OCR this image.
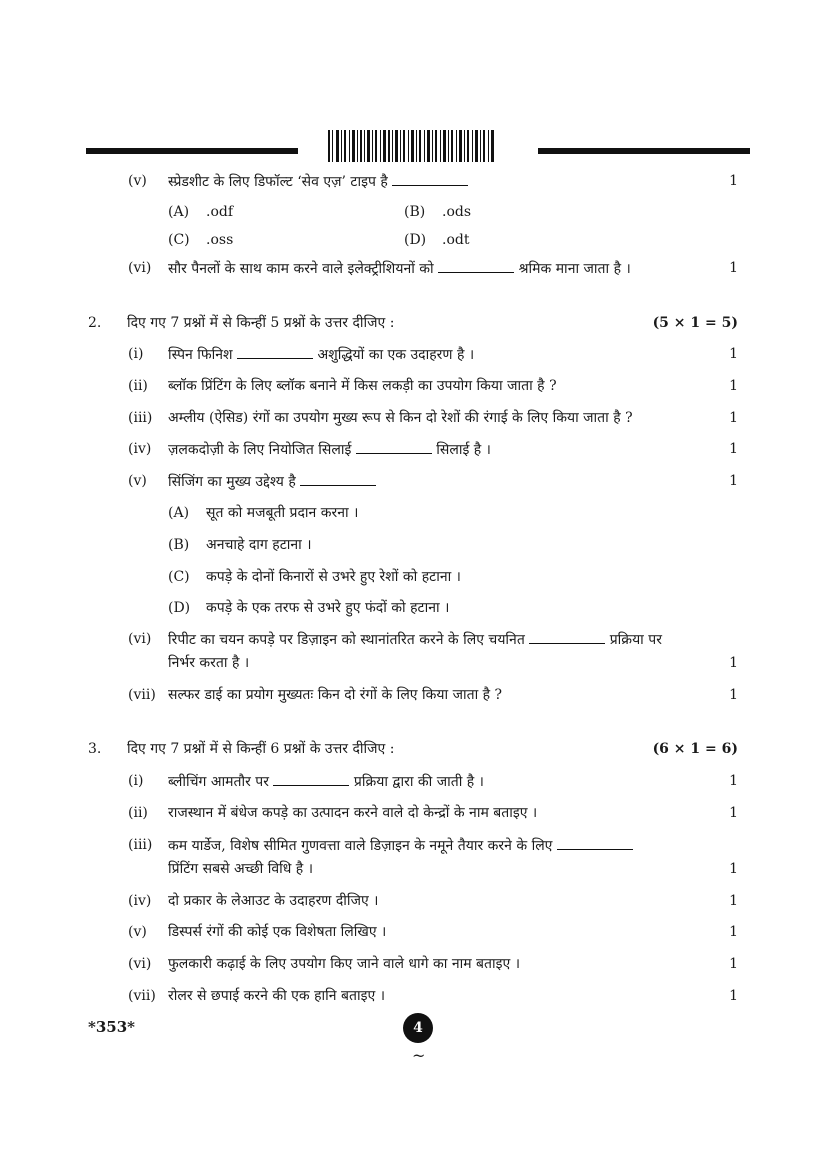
(v) स्प्रेडशीट के लिए डिफॉल्ट ‘सेव एज़’ टाइप है	1
(A) .odf	(B) .ods
(C) .oss	(D) .odt
(vi) सौर पैनलों के साथ काम करने वाले इलेक्ट्रीशियनों को	श्रमिक माना जाता है ।	1
2. दिए गए 7 प्रश्नों में से किन्हीं 5 प्रश्नों के उत्तर दीजिए :	(5 × 1 = 5)
(i) स्पिन फिनिश	अशुद्धियों का एक उदाहरण है ।	1
(ii) ब्लॉक प्रिंटिंग के लिए ब्लॉक बनाने में किस लकड़ी का उपयोग किया जाता है ?	1
(iii) अम्लीय (ऐसिड) रंगों का उपयोग मुख्य रूप से किन दो रेशों की रंगाई के लिए किया जाता है ?	1
(iv) ज़लकदोज़ी के लिए नियोजित सिलाई	सिलाई है ।	1
(v) सिंजिंग का मुख्य उद्देश्य है	1
(A) सूत को मजबूती प्रदान करना ।
(B) अनचाहे दाग हटाना ।
(C) कपड़े के दोनों किनारों से उभरे हुए रेशों को हटाना ।
(D) कपड़े के एक तरफ से उभरे हुए फंदों को हटाना ।
(vi) रिपीट का चयन कपड़े पर डिज़ाइन को स्थानांतरित करने के लिए चयनित	प्रक्रिया पर
निर्भर करता है ।	1
(vii) सल्फर डाई का प्रयोग मुख्यतः किन दो रंगों के लिए किया जाता है ?	1
3. दिए गए 7 प्रश्नों में से किन्हीं 6 प्रश्नों के उत्तर दीजिए :	(6 × 1 = 6)
(i) ब्लीचिंग आमतौर पर	प्रक्रिया द्वारा की जाती है ।	1
(ii) राजस्थान में बंधेज कपड़े का उत्पादन करने वाले दो केन्द्रों के नाम बताइए ।	1
(iii) कम यार्डेज, विशेष सीमित गुणवत्ता वाले डिज़ाइन के नमूने तैयार करने के लिए
प्रिंटिंग सबसे अच्छी विधि है ।	1
(iv) दो प्रकार के लेआउट के उदाहरण दीजिए ।	1
(v) डिस्पर्स रंगों की कोई एक विशेषता लिखिए ।	1
(vi) फुलकारी कढ़ाई के लिए उपयोग किए जाने वाले धागे का नाम बताइए ।	1
(vii) रोलर से छपाई करने की एक हानि बताइए ।	1
*353*	4
~
